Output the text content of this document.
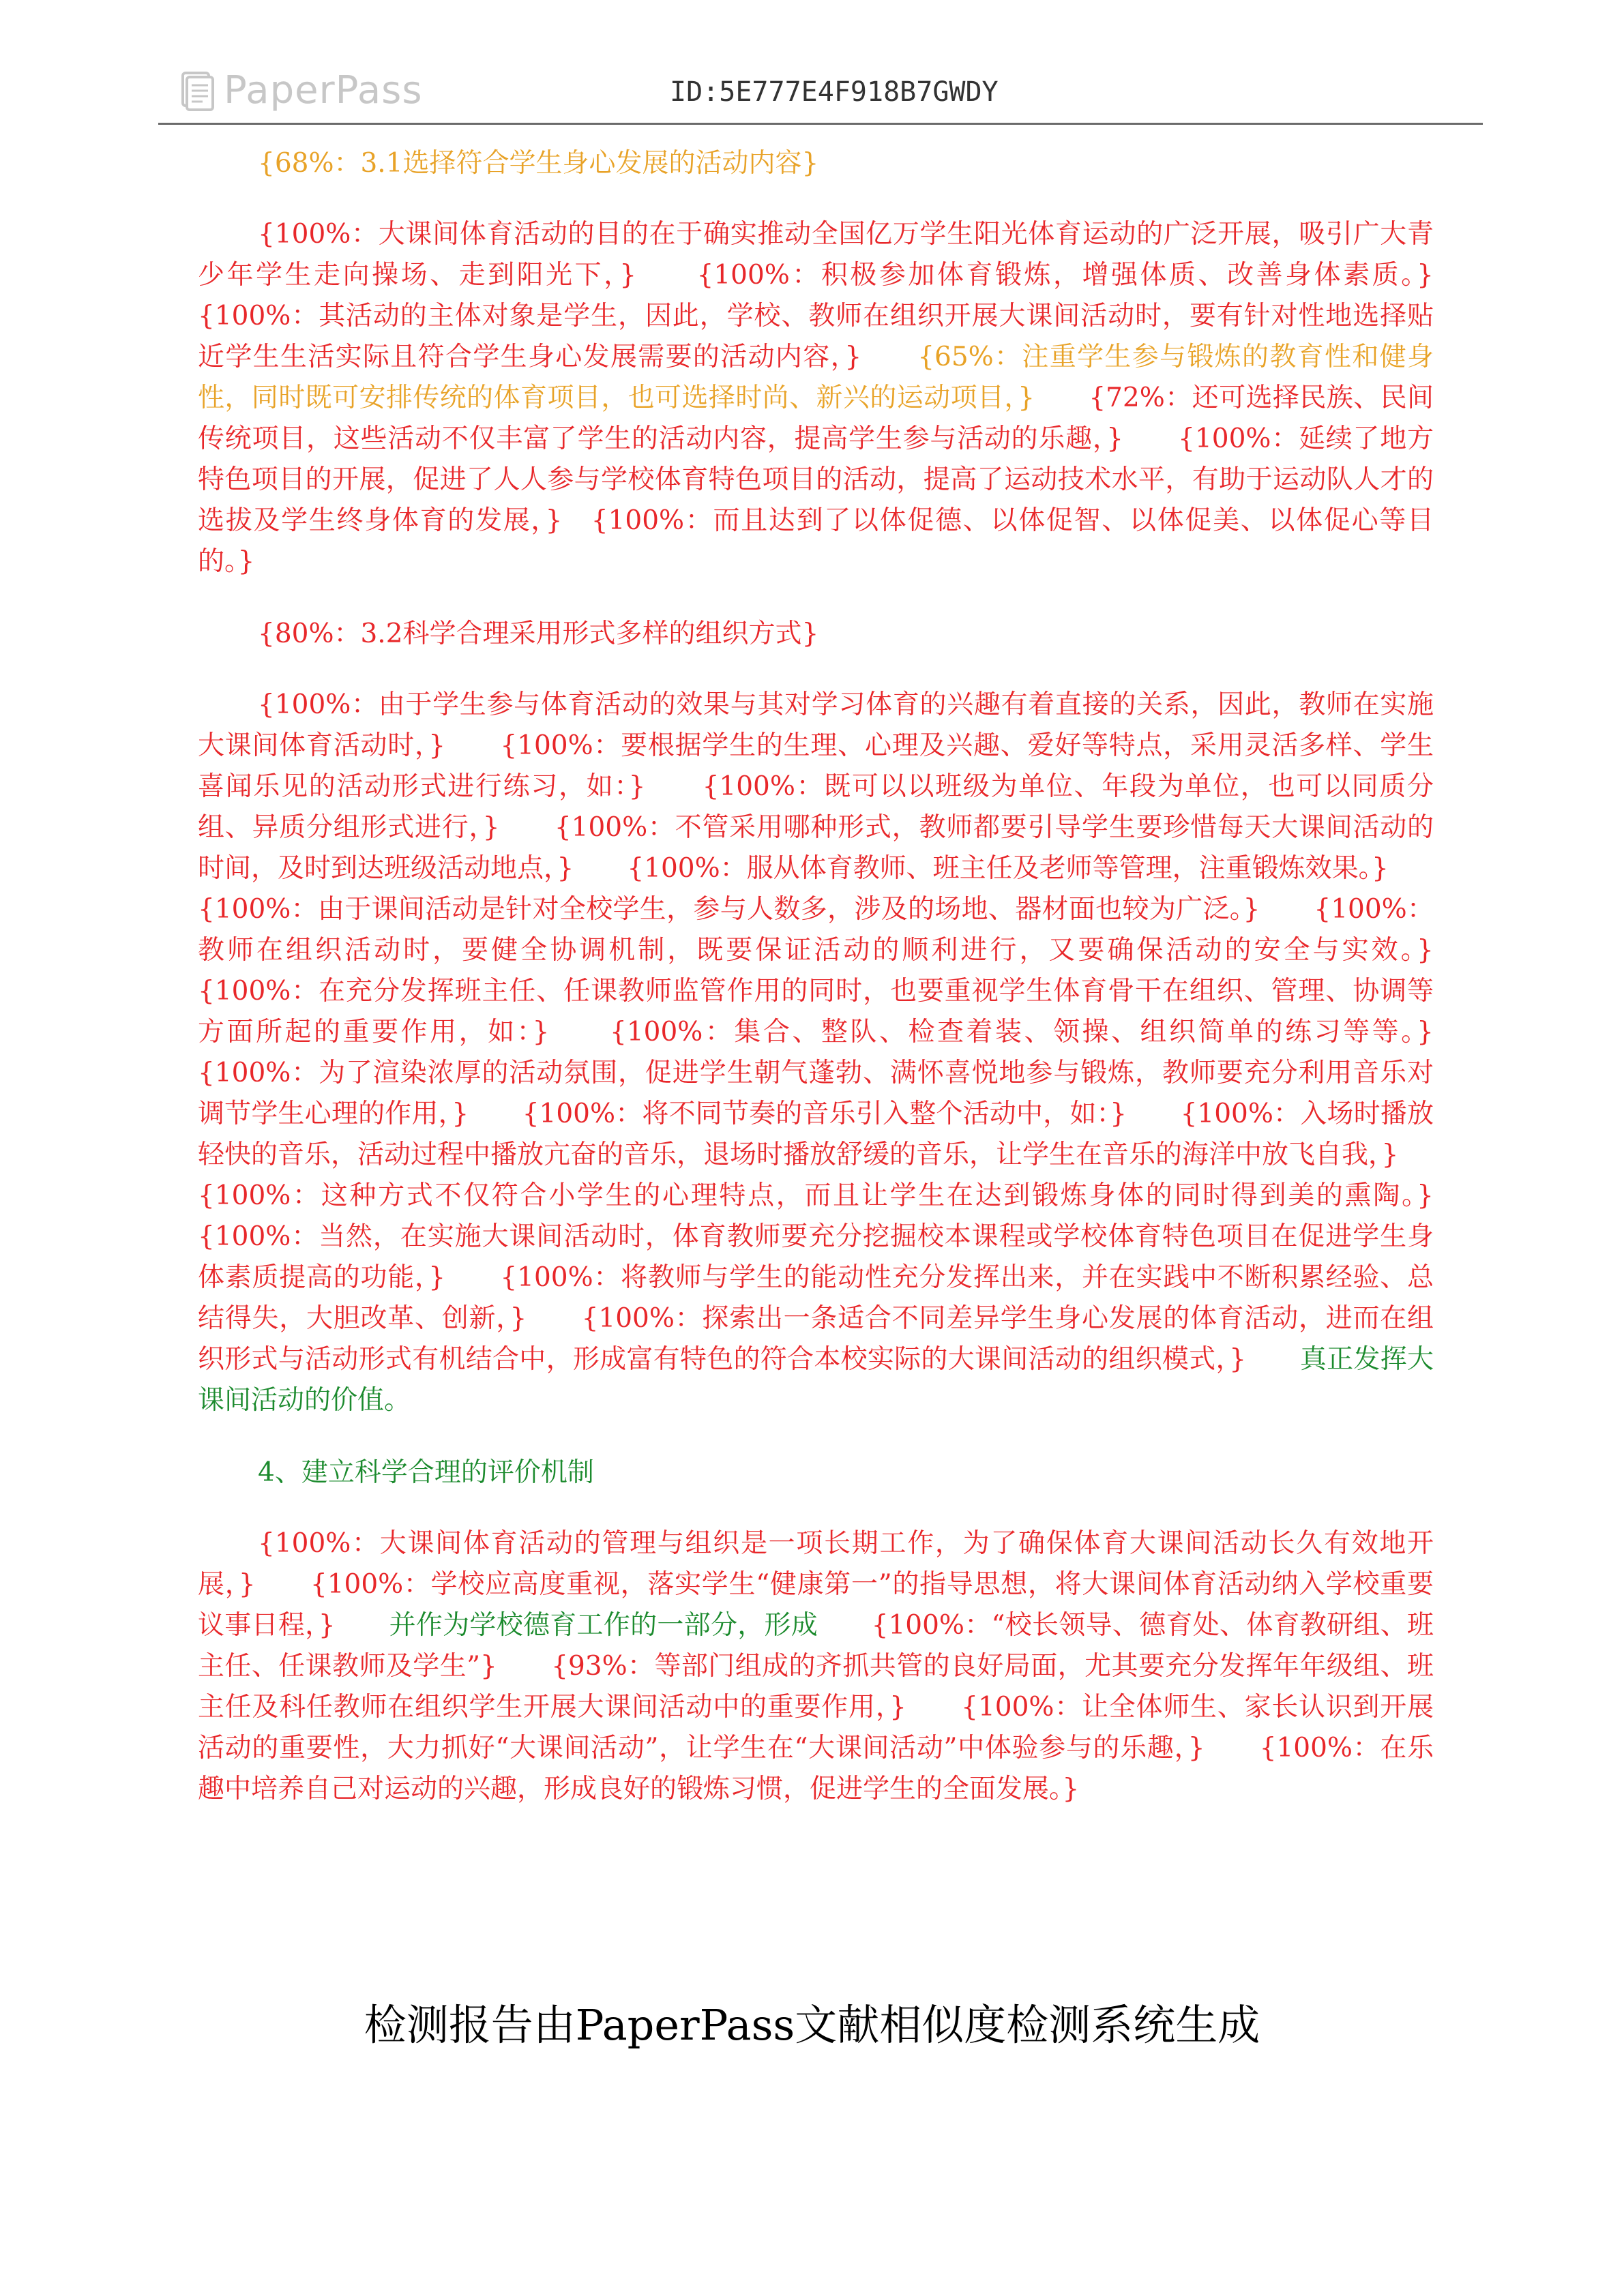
PaperPass	ID:5E777E4F918B7GWDY

{68%：3.1选择符合学生身心发展的活动内容}

{100%：大课间体育活动的目的在于确实推动全国亿万学生阳光体育运动的广泛开展，吸引广大青少年学生走向操场、走到阳光下，}　　{100%：积极参加体育锻炼，增强体质、改善身体素质。}　　{100%：其活动的主体对象是学生，因此，学校、教师在组织开展大课间活动时，要有针对性地选择贴近学生生活实际且符合学生身心发展需要的活动内容，}　　{65%：注重学生参与锻炼的教育性和健身性，同时既可安排传统的体育项目，也可选择时尚、新兴的运动项目，}　　{72%：还可选择民族、民间传统项目，这些活动不仅丰富了学生的活动内容，提高学生参与活动的乐趣，}　　{100%：延续了地方特色项目的开展，促进了人人参与学校体育特色项目的活动，提高了运动技术水平，有助于运动队人才的选拔及学生终身体育的发展，}　{100%：而且达到了以体促德、以体促智、以体促美、以体促心等目的。}

{80%：3.2科学合理采用形式多样的组织方式}

{100%：由于学生参与体育活动的效果与其对学习体育的兴趣有着直接的关系，因此，教师在实施大课间体育活动时，}　　{100%：要根据学生的生理、心理及兴趣、爱好等特点，采用灵活多样、学生喜闻乐见的活动形式进行练习，如：}　　{100%：既可以以班级为单位、年段为单位，也可以同质分组、异质分组形式进行，}　　{100%：不管采用哪种形式，教师都要引导学生要珍惜每天大课间活动的时间，及时到达班级活动地点，}　　{100%：服从体育教师、班主任及老师等管理，注重锻炼效果。}　　{100%：由于课间活动是针对全校学生，参与人数多，涉及的场地、器材面也较为广泛。}　　{100%：教师在组织活动时，要健全协调机制，既要保证活动的顺利进行，又要确保活动的安全与实效。}　　{100%：在充分发挥班主任、任课教师监管作用的同时，也要重视学生体育骨干在组织、管理、协调等方面所起的重要作用，如：}　　{100%：集合、整队、检查着装、领操、组织简单的练习等等。}　　{100%：为了渲染浓厚的活动氛围，促进学生朝气蓬勃、满怀喜悦地参与锻炼，教师要充分利用音乐对调节学生心理的作用，}　　{100%：将不同节奏的音乐引入整个活动中，如：}　　{100%：入场时播放轻快的音乐，活动过程中播放亢奋的音乐，退场时播放舒缓的音乐，让学生在音乐的海洋中放飞自我，}　　{100%：这种方式不仅符合小学生的心理特点，而且让学生在达到锻炼身体的同时得到美的熏陶。}　　{100%：当然，在实施大课间活动时，体育教师要充分挖掘校本课程或学校体育特色项目在促进学生身体素质提高的功能，}　　{100%：将教师与学生的能动性充分发挥出来，并在实践中不断积累经验、总结得失，大胆改革、创新，}　　{100%：探索出一条适合不同差异学生身心发展的体育活动，进而在组织形式与活动形式有机结合中，形成富有特色的符合本校实际的大课间活动的组织模式，}　　真正发挥大课间活动的价值。

4、建立科学合理的评价机制

{100%：大课间体育活动的管理与组织是一项长期工作，为了确保体育大课间活动长久有效地开展，}　　{100%：学校应高度重视，落实学生“健康第一”的指导思想，将大课间体育活动纳入学校重要议事日程，}　　并作为学校德育工作的一部分，形成　　{100%：“校长领导、德育处、体育教研组、班主任、任课教师及学生”}　　{93%：等部门组成的齐抓共管的良好局面，尤其要充分发挥年年级组、班主任及科任教师在组织学生开展大课间活动中的重要作用，}　　{100%：让全体师生、家长认识到开展活动的重要性，大力抓好“大课间活动”，让学生在“大课间活动”中体验参与的乐趣，}　　{100%：在乐趣中培养自己对运动的兴趣，形成良好的锻炼习惯，促进学生的全面发展。}

检测报告由PaperPass文献相似度检测系统生成
